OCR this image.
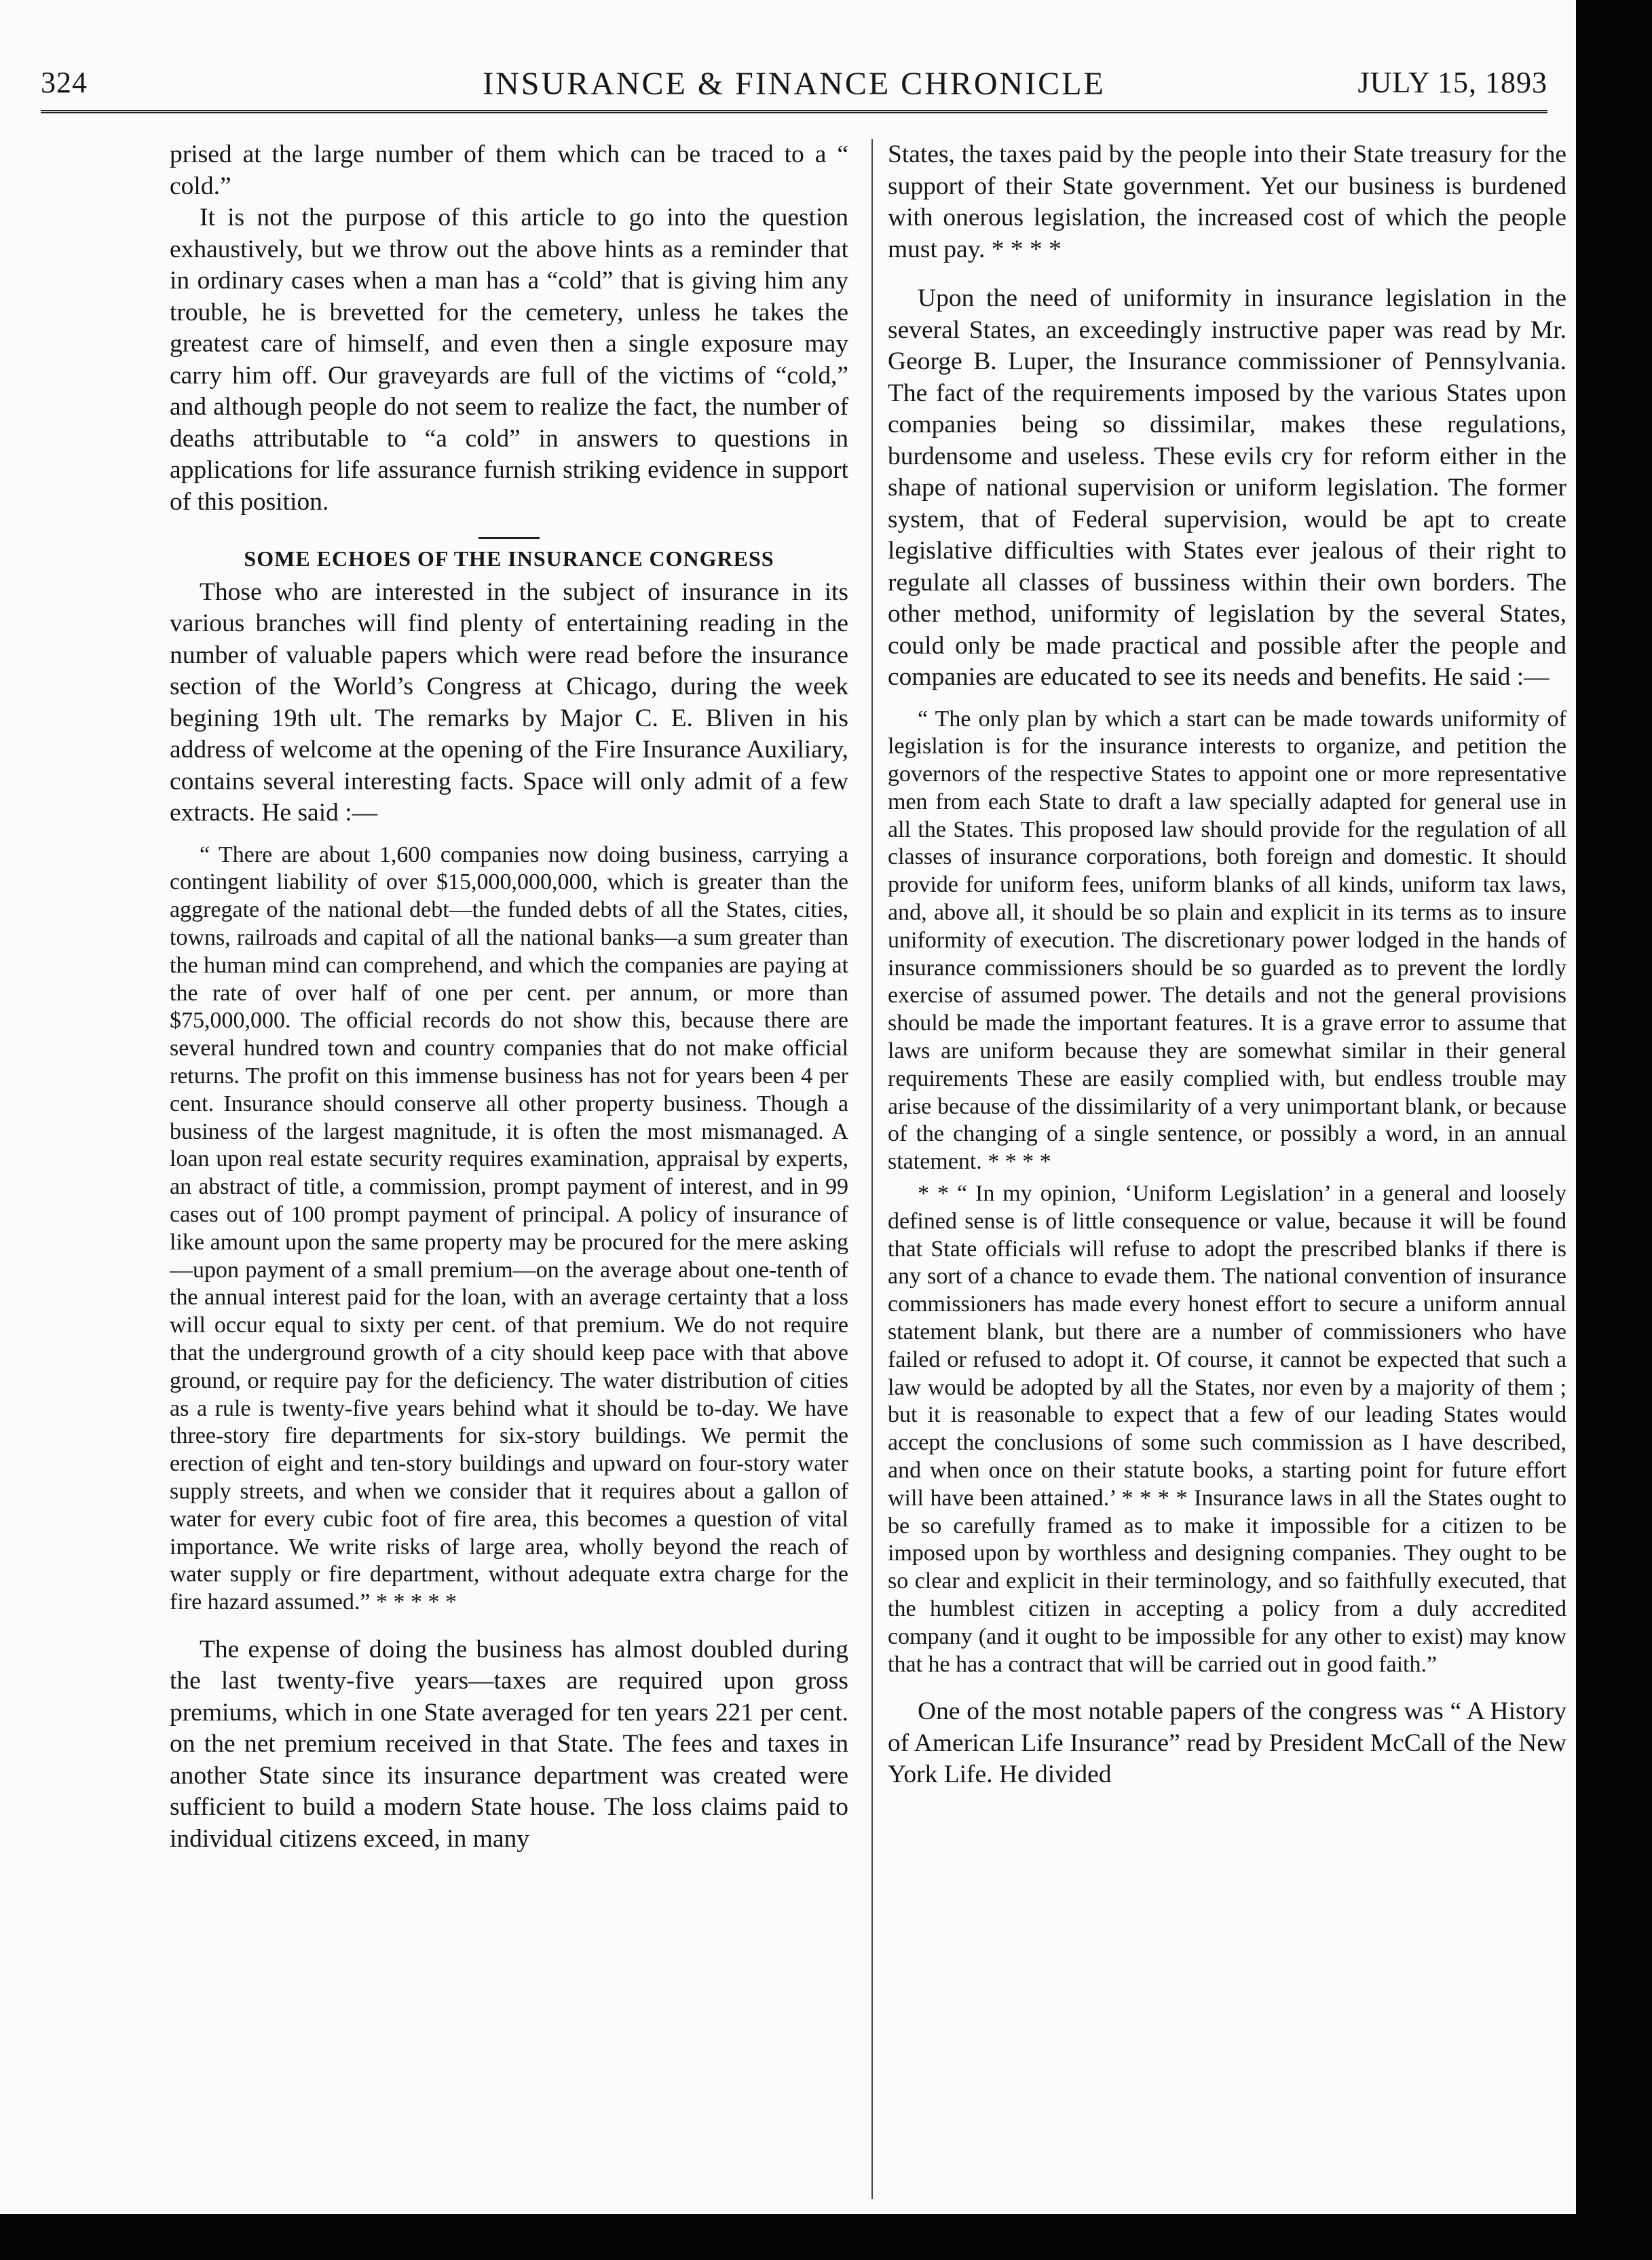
INSURANCE & FINANCE CHRONICLE
324	JULY 15, 1893

prised at the large number of them which can be traced to a “ cold.”

It is not the purpose of this article to go into the question exhaustively, but we throw out the above hints as a reminder that in ordinary cases when a man has a “cold” that is giving him any trouble, he is brevetted for the cemetery, unless he takes the greatest care of himself, and even then a single exposure may carry him off. Our graveyards are full of the victims of “cold,” and although people do not seem to realize the fact, the number of deaths attributable to “a cold” in answers to questions in applications for life assurance furnish striking evidence in support of this position.

SOME ECHOES OF THE INSURANCE CONGRESS

Those who are interested in the subject of insurance in its various branches will find plenty of entertaining reading in the number of valuable papers which were read before the insurance section of the World’s Congress at Chicago, during the week begining 19th ult. The remarks by Major C. E. Bliven in his address of welcome at the opening of the Fire Insurance Auxiliary, contains several interesting facts. Space will only admit of a few extracts. He said :—

“ There are about 1,600 companies now doing business, carrying a contingent liability of over $15,000,000,000, which is greater than the aggregate of the national debt—the funded debts of all the States, cities, towns, railroads and capital of all the national banks—a sum greater than the human mind can comprehend, and which the companies are paying at the rate of over half of one per cent. per annum, or more than $75,000,000. The official records do not show this, because there are several hundred town and country companies that do not make official returns. The profit on this immense business has not for years been 4 per cent. Insurance should conserve all other property business. Though a business of the largest magnitude, it is often the most mismanaged. A loan upon real estate security requires examination, appraisal by experts, an abstract of title, a commission, prompt payment of interest, and in 99 cases out of 100 prompt payment of principal. A policy of insurance of like amount upon the same property may be procured for the mere asking—upon payment of a small premium—on the average about one-tenth of the annual interest paid for the loan, with an average certainty that a loss will occur equal to sixty per cent. of that premium. We do not require that the underground growth of a city should keep pace with that above ground, or require pay for the deficiency. The water distribution of cities as a rule is twenty-five years behind what it should be to-day. We have three-story fire departments for six-story buildings. We permit the erection of eight and ten-story buildings and upward on four-story water supply streets, and when we consider that it requires about a gallon of water for every cubic foot of fire area, this becomes a question of vital importance. We write risks of large area, wholly beyond the reach of water supply or fire department, without adequate extra charge for the fire hazard assumed.” * * * * *

The expense of doing the business has almost doubled during the last twenty-five years—taxes are required upon gross premiums, which in one State averaged for ten years 221 per cent. on the net premium received in that State. The fees and taxes in another State since its insurance department was created were sufficient to build a modern State house. The loss claims paid to individual citizens exceed, in many

States, the taxes paid by the people into their State treasury for the support of their State government. Yet our business is burdened with onerous legislation, the increased cost of which the people must pay. * * * *

Upon the need of uniformity in insurance legislation in the several States, an exceedingly instructive paper was read by Mr. George B. Luper, the Insurance commissioner of Pennsylvania. The fact of the requirements imposed by the various States upon companies being so dissimilar, makes these regulations, burdensome and useless. These evils cry for reform either in the shape of national supervision or uniform legislation. The former system, that of Federal supervision, would be apt to create legislative difficulties with States ever jealous of their right to regulate all classes of bussiness within their own borders. The other method, uniformity of legislation by the several States, could only be made practical and possible after the people and companies are educated to see its needs and benefits. He said :—

“ The only plan by which a start can be made towards uniformity of legislation is for the insurance interests to organize, and petition the governors of the respective States to appoint one or more representative men from each State to draft a law specially adapted for general use in all the States. This proposed law should provide for the regulation of all classes of insurance corporations, both foreign and domestic. It should provide for uniform fees, uniform blanks of all kinds, uniform tax laws, and, above all, it should be so plain and explicit in its terms as to insure uniformity of execution. The discretionary power lodged in the hands of insurance commissioners should be so guarded as to prevent the lordly exercise of assumed power. The details and not the general provisions should be made the important features. It is a grave error to assume that laws are uniform because they are somewhat similar in their general requirements These are easily complied with, but endless trouble may arise because of the dissimilarity of a very unimportant blank, or because of the changing of a single sentence, or possibly a word, in an annual statement. * * * *

* * “ In my opinion, ‘Uniform Legislation’ in a general and loosely defined sense is of little consequence or value, because it will be found that State officials will refuse to adopt the prescribed blanks if there is any sort of a chance to evade them. The national convention of insurance commissioners has made every honest effort to secure a uniform annual statement blank, but there are a number of commissioners who have failed or refused to adopt it. Of course, it cannot be expected that such a law would be adopted by all the States, nor even by a majority of them ; but it is reasonable to expect that a few of our leading States would accept the conclusions of some such commission as I have described, and when once on their statute books, a starting point for future effort will have been attained.’ * * * * Insurance laws in all the States ought to be so carefully framed as to make it impossible for a citizen to be imposed upon by worthless and designing companies. They ought to be so clear and explicit in their terminology, and so faithfully executed, that the humblest citizen in accepting a policy from a duly accredited company (and it ought to be impossible for any other to exist) may know that he has a contract that will be carried out in good faith.”

One of the most notable papers of the congress was “ A History of American Life Insurance” read by President McCall of the New York Life. He divided
